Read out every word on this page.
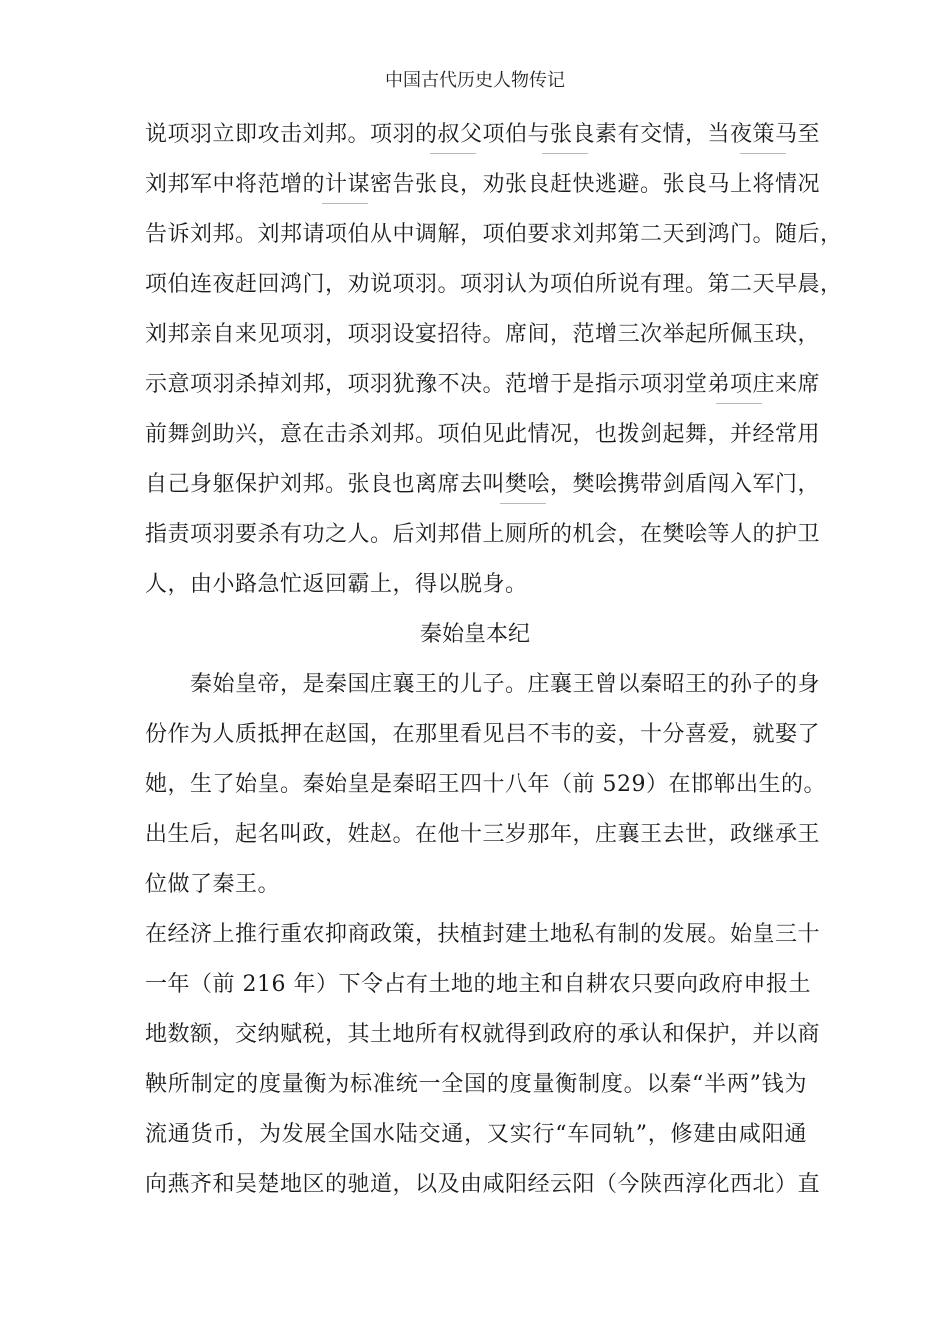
中国古代历史人物传记
说项羽立即攻击刘邦。项羽的叔父项伯与张良素有交情，当夜策马至
刘邦军中将范增的计谋密告张良，劝张良赶快逃避。张良马上将情况
告诉刘邦。刘邦请项伯从中调解，项伯要求刘邦第二天到鸿门。随后，
项伯连夜赶回鸿门，劝说项羽。项羽认为项伯所说有理。第二天早晨，
刘邦亲自来见项羽，项羽设宴招待。席间，范增三次举起所佩玉玦，
示意项羽杀掉刘邦，项羽犹豫不决。范增于是指示项羽堂弟项庄来席
前舞剑助兴，意在击杀刘邦。项伯见此情况，也拨剑起舞，并经常用
自己身躯保护刘邦。张良也离席去叫樊哙，樊哙携带剑盾闯入军门，
指责项羽要杀有功之人。后刘邦借上厕所的机会，在樊哙等人的护卫
人，由小路急忙返回霸上，得以脱身。
秦始皇本纪
秦始皇帝，是秦国庄襄王的儿子。庄襄王曾以秦昭王的孙子的身
份作为人质抵押在赵国，在那里看见吕不韦的妾，十分喜爱，就娶了
她，生了始皇。秦始皇是秦昭王四十八年（前 529）在邯郸出生的。
出生后，起名叫政，姓赵。在他十三岁那年，庄襄王去世，政继承王
位做了秦王。
在经济上推行重农抑商政策，扶植封建土地私有制的发展。始皇三十
一年（前 216 年）下令占有土地的地主和自耕农只要向政府申报土
地数额，交纳赋税，其土地所有权就得到政府的承认和保护，并以商
鞅所制定的度量衡为标准统一全国的度量衡制度。以秦“半两”钱为
流通货币，为发展全国水陆交通，又实行“车同轨”，修建由咸阳通
向燕齐和吴楚地区的驰道，以及由咸阳经云阳（今陕西淳化西北）直
